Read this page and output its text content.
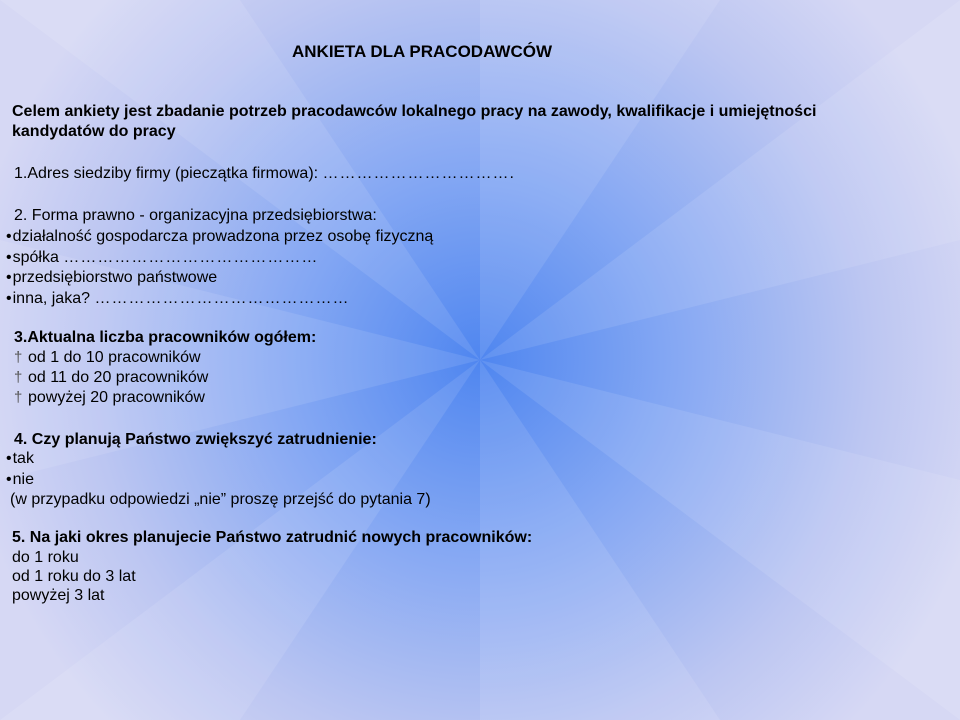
ANKIETA DLA PRACODAWCÓW
Celem ankiety jest zbadanie potrzeb pracodawców lokalnego pracy na zawody, kwalifikacje i umiejętności
kandydatów do pracy
1.Adres siedziby firmy (pieczątka firmowa): …………………………….
2. Forma prawno - organizacyjna przedsiębiorstwa:
• działalność gospodarcza prowadzona przez osobę fizyczną
• spółka ………………………………………
• przedsiębiorstwo państwowe
• inna, jaka? ………………………………………
3.Aktualna liczba pracowników ogółem:
† od 1 do 10 pracowników
† od 11 do 20 pracowników
† powyżej 20 pracowników
4. Czy planują Państwo zwiększyć zatrudnienie:
• tak
• nie
(w przypadku odpowiedzi „nie” proszę przejść do pytania 7)
5. Na jaki okres planujecie Państwo zatrudnić nowych pracowników:
do 1 roku
od 1 roku do 3 lat
powyżej 3 lat
